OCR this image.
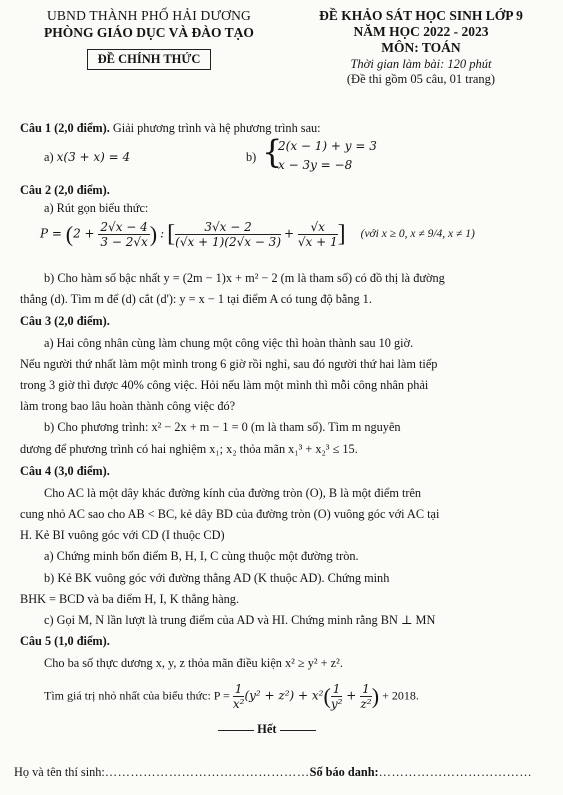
UBND THÀNH PHỐ HẢI DƯƠNG
PHÒNG GIÁO DỤC VÀ ĐÀO TẠO
ĐỀ CHÍNH THỨC
ĐỀ KHẢO SÁT HỌC SINH LỚP 9
NĂM HỌC 2022 - 2023
MÔN: TOÁN
Thời gian làm bài: 120 phút
(Đề thi gồm 05 câu, 01 trang)
Câu 1 (2,0 điểm). Giải phương trình và hệ phương trình sau:
a) x(3 + x) = 4	b) {
2(x − 1) + y = 3
x − 3y = −8
Câu 2 (2,0 điểm).
a) Rút gọn biểu thức:
$P = (2 + \frac{2√x - 4}{3 - 2√x}$ ) : [ $\frac{3√x - 2}{(√x + 1)(2√x - 3)} + \frac{√x}{√x + 1}$ ] (với x ≥ 0, x ≠ 9/4, x ≠ 1)
b) Cho hàm số bậc nhất y = (2m − 1)x + m² − 2 (m là tham số) có đồ thị là đường
thẳng (d). Tìm m để (d) cắt (d'): y = x − 1 tại điểm A có tung độ bằng 1.
Câu 3 (2,0 điểm).
a) Hai công nhân cùng làm chung một công việc thì hoàn thành sau 10 giờ.
Nếu người thứ nhất làm một mình trong 6 giờ rồi nghỉ, sau đó người thứ hai làm tiếp
trong 3 giờ thì được 40% công việc. Hỏi nếu làm một mình thì mỗi công nhân phải
làm trong bao lâu hoàn thành công việc đó?
b) Cho phương trình: x² − 2x + m − 1 = 0 (m là tham số). Tìm m nguyên
dương để phương trình có hai nghiệm x₁; x₂ thỏa mãn x₁³ + x₂³ ≤ 15.
Câu 4 (3,0 điểm).
Cho AC là một dây khác đường kính của đường tròn (O), B là một điểm trên
cung nhỏ AC sao cho AB < BC, kẻ dây BD của đường tròn (O) vuông góc với AC tại
H. Kẻ BI vuông góc với CD (I thuộc CD)
a) Chứng minh bốn điểm B, H, I, C cùng thuộc một đường tròn.
b) Kẻ BK vuông góc với đường thẳng AD (K thuộc AD). Chứng minh
BHK = BCD và ba điểm H, I, K thẳng hàng.
c) Gọi M, N lần lượt là trung điểm của AD và HI. Chứng minh rằng BN ⊥ MN
Câu 5 (1,0 điểm).
Cho ba số thực dương x, y, z thỏa mãn điều kiện x² ≥ y² + z².
Tìm giá trị nhỏ nhất của biểu thức: $P = \frac{1}{\text{x²}} (y^2 + z^2) + x^2( \frac{1}{\text{y²}} + \frac{1}{\text{z²}}$ ) + 2018.
Hết
Họ và tên thí sinh:…………………………………………Số báo danh:………………………………
